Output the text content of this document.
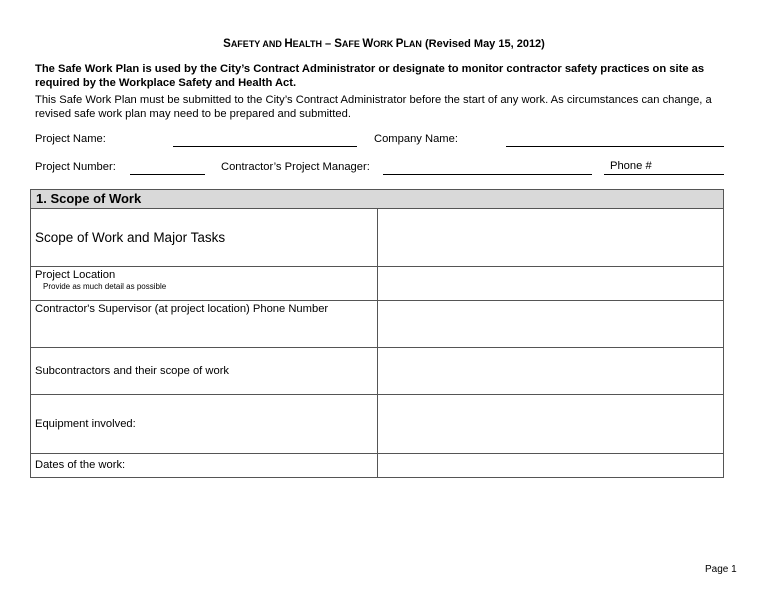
SAFETY AND HEALTH – SAFE WORK PLAN (Revised May 15, 2012)
The Safe Work Plan is used by the City’s Contract Administrator or designate to monitor contractor safety practices on site as required by the Workplace Safety and Health Act.
This Safe Work Plan must be submitted to the City’s Contract Administrator before the start of any work. As circumstances can change, a revised safe work plan may need to be prepared and submitted.
Project Name:	Company Name:
Project Number:	Contractor’s Project Manager:	Phone #
1. Scope of Work	
Scope of Work and Major Tasks	

Project Location
Provide as much detail as possible	

Contractor's Supervisor (at project location) Phone Number	
Subcontractors and their scope of work	
Equipment involved:	
Dates of the work:	
Page 1
